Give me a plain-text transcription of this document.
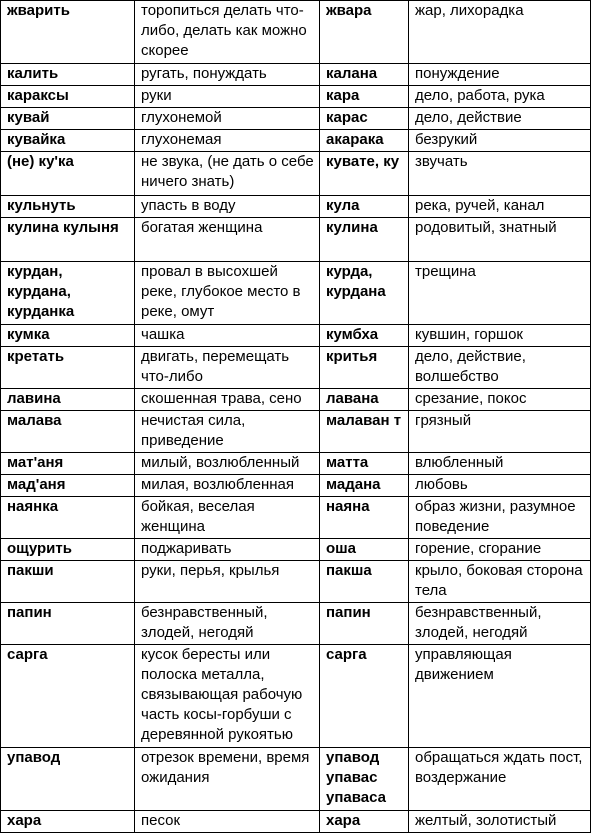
жварить	торопиться делать что-либо, делать как можно скорее	жвара	жар, лихорадка
калить	ругать, понуждать	калана	понуждение
караксы	руки	кара	дело, работа, рука
кувай	глухонемой	карас	дело, действие
кувайка	глухонемая	акарака	безрукий
(не) ку'ка	не звука, (не дать о себе ничего знать)	кувате, ку	звучать
кульнуть	упасть в воду	кула	река, ручей, канал
кулина кулыня	богатая женщина	кулина	родовитый, знатный
курдан, курдана, курданка	провал в высохшей реке, глубокое место в реке, омут	курда, курдана	трещина
кумка	чашка	кумбха	кувшин, горшок
кретать	двигать, перемещать что-либо	критья	дело, действие, волшебство
лавина	скошенная трава, сено	лавана	срезание, покос
малава	нечистая сила, приведение	малаван т	грязный
мат'аня	милый, возлюбленный	матта	влюбленный
мад'аня	милая, возлюбленная	мадана	любовь
наянка	бойкая, веселая женщина	наяна	образ жизни, разумное поведение
ощурить	поджаривать	оша	горение, сгорание
пакши	руки, перья, крылья	пакша	крыло, боковая сторона тела
папин	безнравственный, злодей, негодяй	папин	безнравственный, злодей, негодяй
сарга	кусок бересты или полоска металла, связывающая рабочую часть косы-горбуши с деревянной рукоятью	сарга	управляющая движением
упавод	отрезок времени, время ожидания	упавод упавас упаваса	обращаться ждать пост, воздержание
хара	песок	хара	желтый, золотистый
